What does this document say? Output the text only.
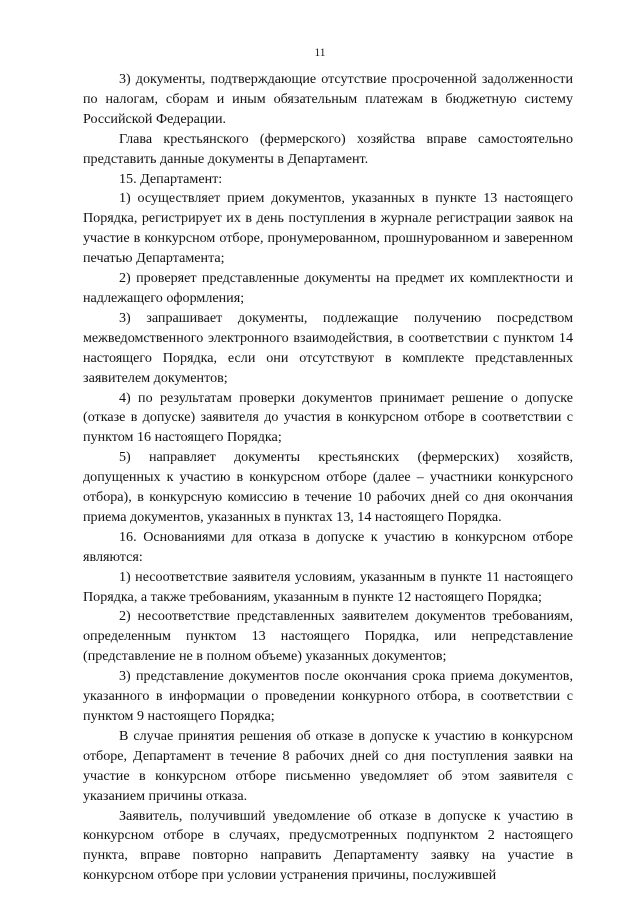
11

3) документы, подтверждающие отсутствие просроченной задолженности по налогам, сборам и иным обязательным платежам в бюджетную систему Российской Федерации.

Глава крестьянского (фермерского) хозяйства вправе самостоятельно представить данные документы в Департамент.

15. Департамент:

1) осуществляет прием документов, указанных в пункте 13 настоящего Порядка, регистрирует их в день поступления в журнале регистрации заявок на участие в конкурсном отборе, пронумерованном, прошнурованном и заверенном печатью Департамента;

2) проверяет представленные документы на предмет их комплектности и надлежащего оформления;

3) запрашивает документы, подлежащие получению посредством межведомственного электронного взаимодействия, в соответствии с пунктом 14 настоящего Порядка, если они отсутствуют в комплекте представленных заявителем документов;

4) по результатам проверки документов принимает решение о допуске (отказе в допуске) заявителя до участия в конкурсном отборе в соответствии с пунктом 16 настоящего Порядка;

5) направляет документы крестьянских (фермерских) хозяйств, допущенных к участию в конкурсном отборе (далее – участники конкурсного отбора), в конкурсную комиссию в течение 10 рабочих дней со дня окончания приема документов, указанных в пунктах 13, 14 настоящего Порядка.

16. Основаниями для отказа в допуске к участию в конкурсном отборе являются:

1) несоответствие заявителя условиям, указанным в пункте 11 настоящего Порядка, а также требованиям, указанным в пункте 12 настоящего Порядка;

2) несоответствие представленных заявителем документов требованиям, определенным пунктом 13 настоящего Порядка, или непредставление (представление не в полном объеме) указанных документов;

3) представление документов после окончания срока приема документов, указанного в информации о проведении конкурного отбора, в соответствии с пунктом 9 настоящего Порядка;

В случае принятия решения об отказе в допуске к участию в конкурсном отборе, Департамент в течение 8 рабочих дней со дня поступления заявки на участие в конкурсном отборе письменно уведомляет об этом заявителя с указанием причины отказа.

Заявитель, получивший уведомление об отказе в допуске к участию в конкурсном отборе в случаях, предусмотренных подпунктом 2 настоящего пункта, вправе повторно направить Департаменту заявку на участие в конкурсном отборе при условии устранения причины, послужившей
